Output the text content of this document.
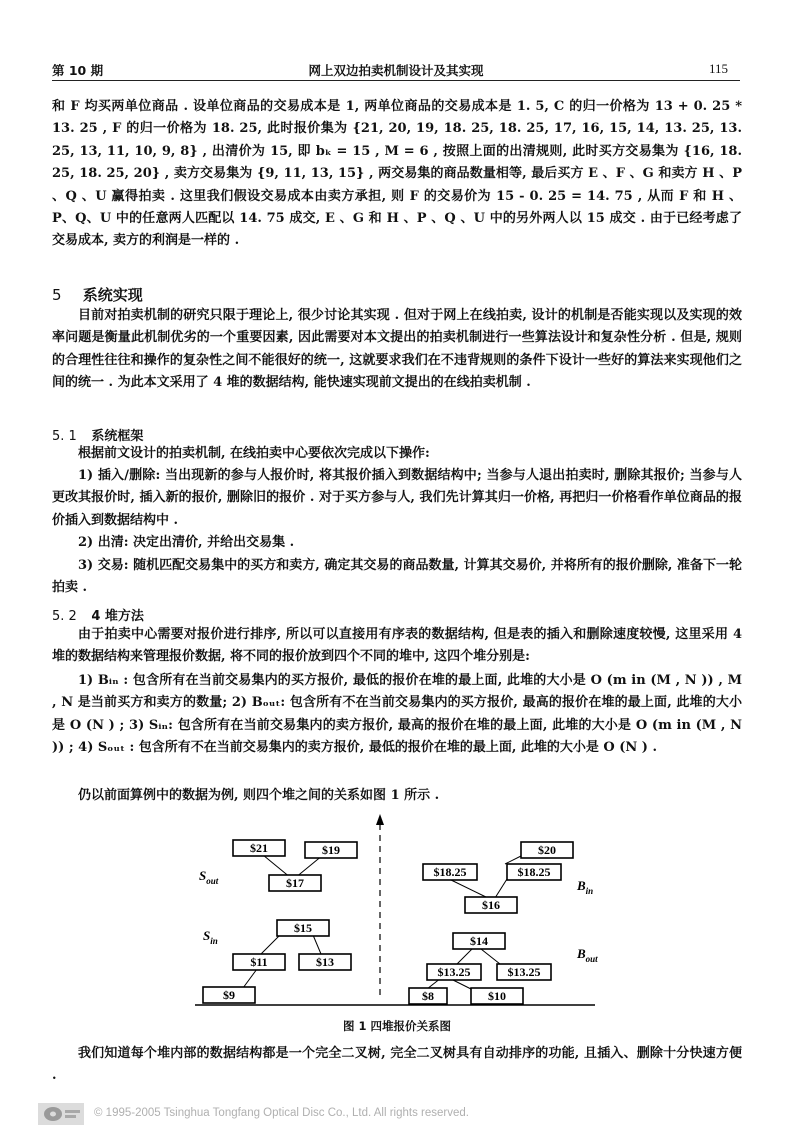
第 10 期	网上双边拍卖机制设计及其实现	115

和 F 均买两单位商品 . 设单位商品的交易成本是 1, 两单位商品的交易成本是 1. 5, C 的归一价格为 13 + 0. 25 * 13. 25 , F 的归一价格为 18. 25, 此时报价集为 {21, 20, 19, 18. 25, 18. 25, 17, 16, 15, 14, 13. 25, 13. 25, 13, 11, 10, 9, 8} , 出清价为 15, 即 bₖ = 15 , M = 6 , 按照上面的出清规则, 此时买方交易集为 {16, 18. 25, 18. 25, 20} , 卖方交易集为 {9, 11, 13, 15} , 两交易集的商品数量相等, 最后买方 E 、F 、G 和卖方 H 、P 、Q 、U 赢得拍卖 . 这里我们假设交易成本由卖方承担, 则 F 的交易价为 15 - 0. 25 = 14. 75 , 从而 F 和 H 、P、Q、U 中的任意两人匹配以 14. 75 成交, E 、G 和 H 、P 、Q 、U 中的另外两人以 15 成交 . 由于已经考虑了交易成本, 卖方的利润是一样的 .

5 系统实现

目前对拍卖机制的研究只限于理论上, 很少讨论其实现 . 但对于网上在线拍卖, 设计的机制是否能实现以及实现的效率问题是衡量此机制优劣的一个重要因素, 因此需要对本文提出的拍卖机制进行一些算法设计和复杂性分析 . 但是, 规则的合理性往往和操作的复杂性之间不能很好的统一, 这就要求我们在不违背规则的条件下设计一些好的算法来实现他们之间的统一 . 为此本文采用了 4 堆的数据结构, 能快速实现前文提出的在线拍卖机制 .

5. 1 系统框架

根据前文设计的拍卖机制, 在线拍卖中心要依次完成以下操作:

1) 插入/删除: 当出现新的参与人报价时, 将其报价插入到数据结构中; 当参与人退出拍卖时, 删除其报价; 当参与人更改其报价时, 插入新的报价, 删除旧的报价 . 对于买方参与人, 我们先计算其归一价格, 再把归一价格看作单位商品的报价插入到数据结构中 .

2) 出清: 决定出清价, 并给出交易集 .

3) 交易: 随机匹配交易集中的买方和卖方, 确定其交易的商品数量, 计算其交易价, 并将所有的报价删除, 准备下一轮拍卖 .

5. 2 4 堆方法

由于拍卖中心需要对报价进行排序, 所以可以直接用有序表的数据结构, 但是表的插入和删除速度较慢, 这里采用 4 堆的数据结构来管理报价数据, 将不同的报价放到四个不同的堆中, 这四个堆分别是:

1) Bᵢₙ : 包含所有在当前交易集内的买方报价, 最低的报价在堆的最上面, 此堆的大小是 O (m in (M , N )) , M , N 是当前买方和卖方的数量; 2) Bₒᵤₜ: 包含所有不在当前交易集内的买方报价, 最高的报价在堆的最上面, 此堆的大小是 O (N ) ; 3) Sᵢₙ: 包含所有在当前交易集内的卖方报价, 最高的报价在堆的最上面, 此堆的大小是 O (m in (M , N )) ; 4) Sₒᵤₜ : 包含所有不在当前交易集内的卖方报价, 最低的报价在堆的最上面, 此堆的大小是 O (N ) .

仍以前面算例中的数据为例, 则四个堆之间的关系如图 1 所示 .

$21	$19
$17
$15
$11	$13
$9
$20
$18.25	$18.25
$16
$14
$13.25	$13.25
$8	$10
$S_{out}$
$S_{in}$
$B_{in}$
$B_{out}$
图 1 四堆报价关系图

我们知道每个堆内部的数据结构都是一个完全二叉树, 完全二叉树具有自动排序的功能, 且插入、删除十分快速方便 .

© 1995-2005 Tsinghua Tongfang Optical Disc Co., Ltd. All rights reserved.
